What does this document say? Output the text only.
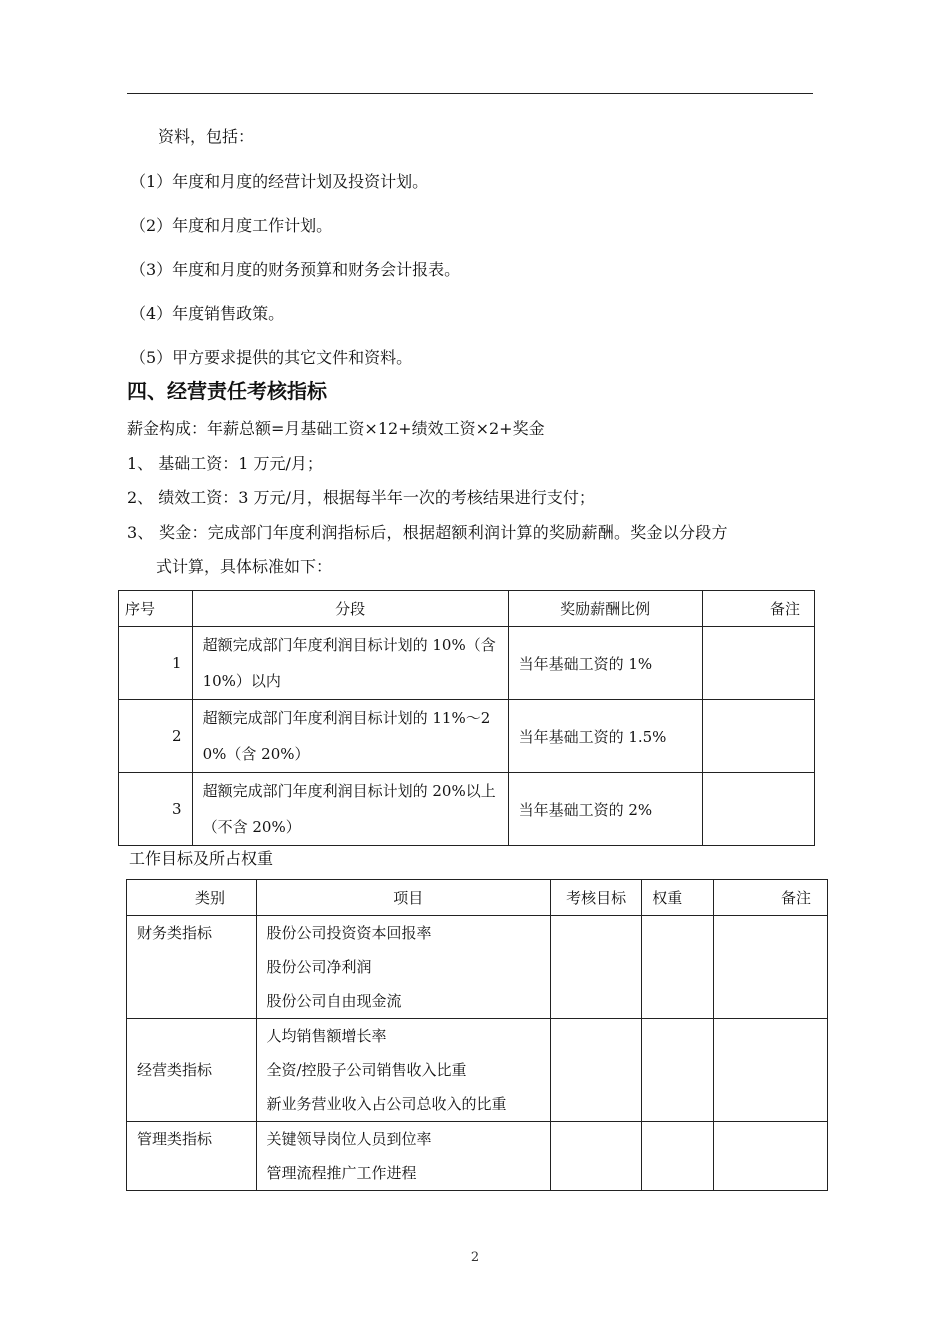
资料，包括：
（1）年度和月度的经营计划及投资计划。
（2）年度和月度工作计划。
（3）年度和月度的财务预算和财务会计报表。
（4）年度销售政策。
（5）甲方要求提供的其它文件和资料。
四、经营责任考核指标
薪金构成：年薪总额=月基础工资×12+绩效工资×2+奖金
1、 基础工资：1 万元/月；
2、 绩效工资：3 万元/月，根据每半年一次的考核结果进行支付；
3、 奖金：完成部门年度利润指标后，根据超额利润计算的奖励薪酬。奖金以分段方
式计算，具体标准如下：
序号	分段	奖励薪酬比例	备注
1	超额完成部门年度利润目标计划的 10%（含 10%）以内	当年基础工资的 1%	
2	超额完成部门年度利润目标计划的 11%～20%（含 20%）	当年基础工资的 1.5%	
3	超额完成部门年度利润目标计划的 20%以上（不含 20%）	当年基础工资的 2%	
工作目标及所占权重
类别	项目	考核目标	权重	备注

财务类指标	股份公司投资资本回报率
股份公司净利润
股份公司自由现金流			

经营类指标	人均销售额增长率
全资/控股子公司销售收入比重
新业务营业收入占公司总收入的比重			

管理类指标	关键领导岗位人员到位率
管理流程推广工作进程			

2
